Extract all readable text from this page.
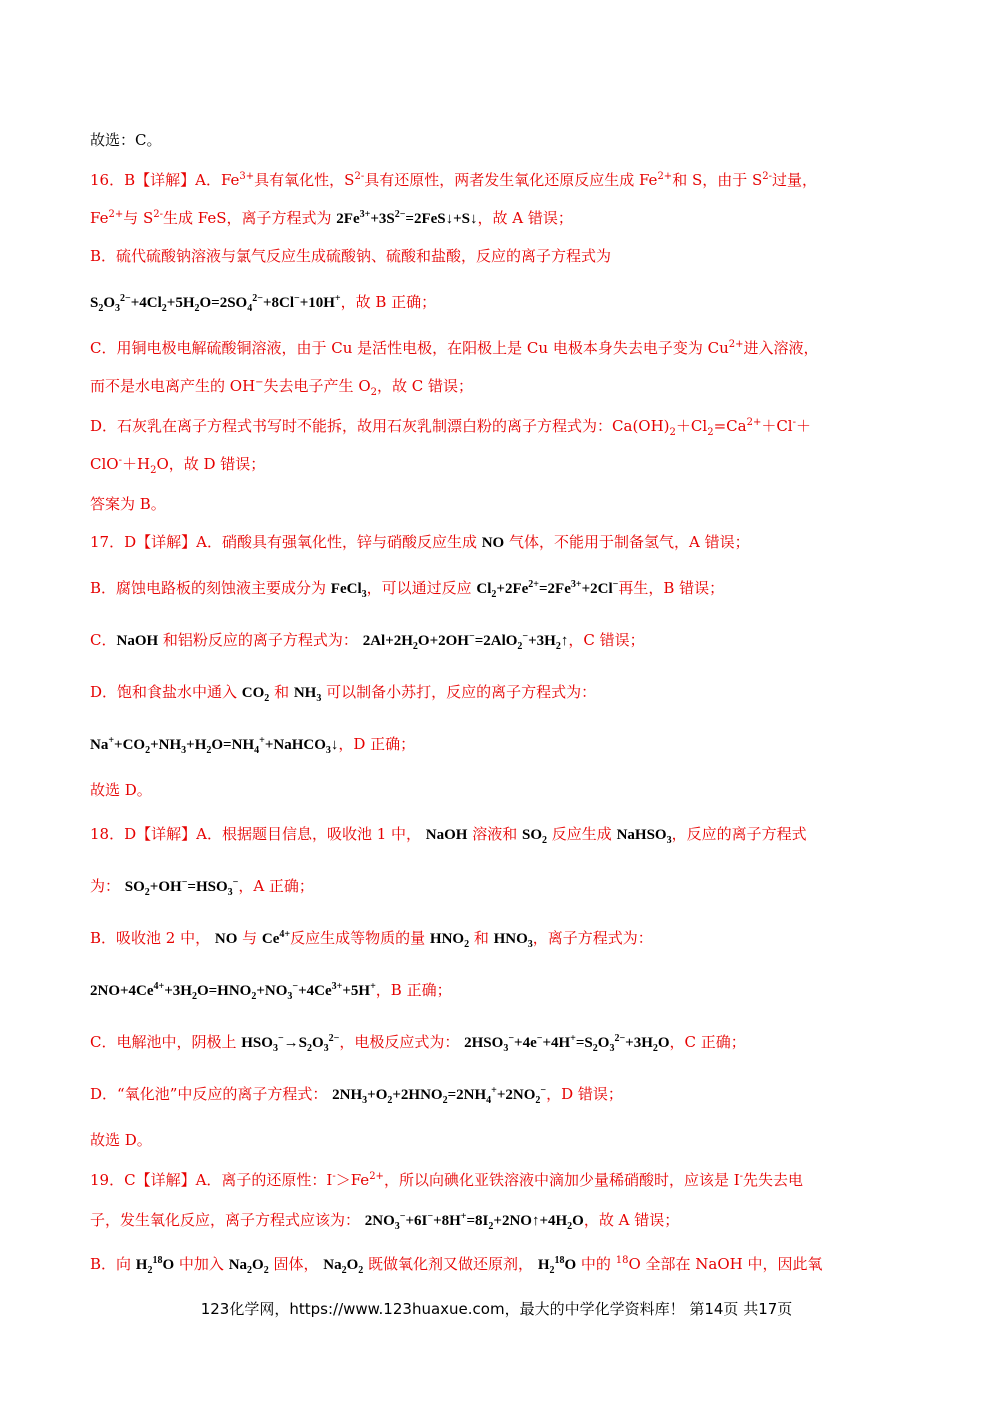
故选：C。
16．B【详解】A．$Fe^{3+}$具有氧化性，$S^{2-}$具有还原性，两者发生氧化还原反应生成 $Fe^{2+}$和 S，由于 $S^{2-}$过量，
$Fe^{2+}$与 $S^{2-}$生成 FeS，离子方程式为 $2Fe^{3+}+3S^{2-}=2FeS↓+S↓$，故 A 错误；
B．硫代硫酸钠溶液与氯气反应生成硫酸钠、硫酸和盐酸，反应的离子方程式为
$S_2O_3^{2-}+4Cl_2+5H_2O=2SO_4^{2-}+8Cl^-+10H^+$，故 B 正确；
C．用铜电极电解硫酸铜溶液，由于 Cu 是活性电极，在阳极上是 Cu 电极本身失去电子变为 $Cu^{2+}$进入溶液，
而不是水电离产生的 OH−失去电子产生 $O_2$，故 C 错误；
D．石灰乳在离子方程式书写时不能拆，故用石灰乳制漂白粉的离子方程式为：$Ca(OH)_2+Cl_2=Ca^{2+}+Cl^-+$
$ClO^-+H_2O$，故 D 错误；
答案为 B。
17．D【详解】A．硝酸具有强氧化性，锌与硝酸反应生成 NO 气体，不能用于制备氢气，A 错误；
B．腐蚀电路板的刻蚀液主要成分为 FeCl$_3$，可以通过反应 $Cl_2+2Fe^{2+}=2Fe^{3+}+2Cl^-$再生，B 错误；
C．NaOH 和铝粉反应的离子方程式为： $2Al+2H_2O+2OH^-=2AlO_2^-+3H_2↑$，C 错误；
D．饱和食盐水中通入 $CO_2$ 和 $NH_3$ 可以制备小苏打，反应的离子方程式为：
$Na^++CO_2+NH_3+H_2O=NH_4^++NaHCO_3↓$，D 正确；
故选 D。
18．D【详解】A．根据题目信息，吸收池 1 中， NaOH 溶液和 $SO_2$ 反应生成 NaHSO$_3$，反应的离子方程式
为： $SO_2+OH^-=HSO_3^-$，A 正确；
B．吸收池 2 中， NO 与 $Ce^{4+}$反应生成等物质的量 $HNO_2$ 和 $HNO_3$，离子方程式为：
$2NO+4Ce^{4+}+3H_2O=HNO_2+NO_3^-+4Ce^{3+}+5H^+$，B 正确；
C．电解池中，阴极上 $HSO_3^-\to S_2O_3^{2-}$，电极反应式为： $2HSO_3^-+4e^-+4H^+=S_2O_3^{2-}+3H_2O$，C 正确；
D．“氧化池”中反应的离子方程式： $2NH_3+O_2+2HNO_2=2NH_4^++2NO_2^-$，D 错误；
故选 D。
19．C【详解】A．离子的还原性：$I^->Fe^{2+}$，所以向碘化亚铁溶液中滴加少量稀硝酸时，应该是 I-先失去电
子，发生氧化反应，离子方程式应该为： $2NO_3^-+6I^-+8H^+=8I_2+2NO↑+4H_2O$，故 A 错误；
B．向 $H_2^{18}O$ 中加入 $Na_2O_2$ 固体， $Na_2O_2$ 既做氧化剂又做还原剂， $H_2^{18}O$ 中的 $^{18}$O 全部在 NaOH 中，因此氧
123化学网，https://www.123huaxue.com，最大的中学化学资料库！ 第14页 共17页
